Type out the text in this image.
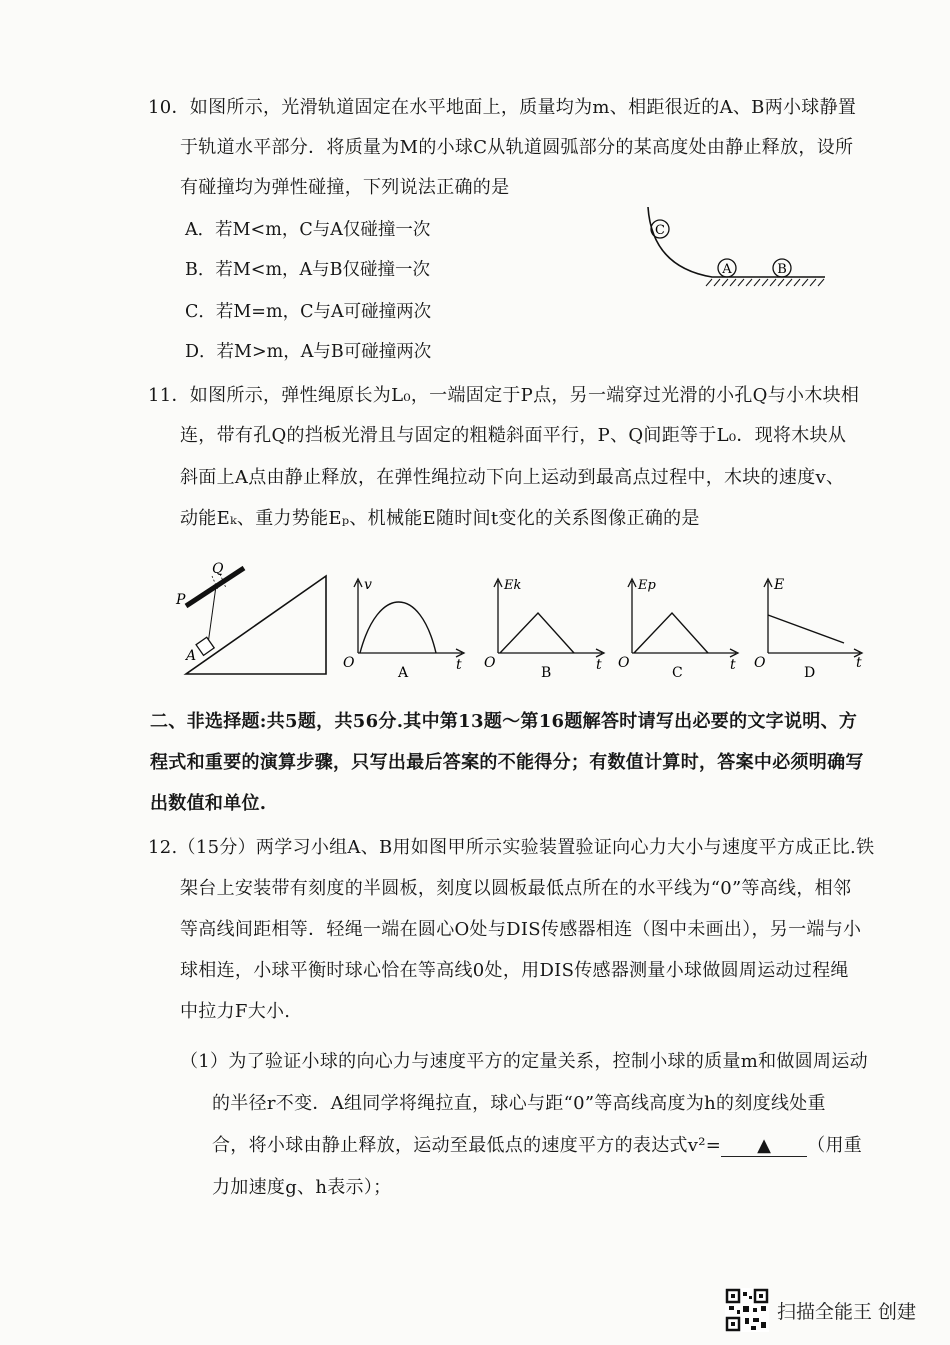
10．如图所示，光滑轨道固定在水平地面上，质量均为m、相距很近的A、B两小球静置
于轨道水平部分．将质量为M的小球C从轨道圆弧部分的某高度处由静止释放，设所
有碰撞均为弹性碰撞，下列说法正确的是
A．若M<m，C与A仅碰撞一次
B．若M<m，A与B仅碰撞一次
C．若M=m，C与A可碰撞两次
D．若M>m，A与B可碰撞两次
C
A	B
11．如图所示，弹性绳原长为L₀，一端固定于P点，另一端穿过光滑的小孔Q与小木块相
连，带有孔Q的挡板光滑且与固定的粗糙斜面平行，P、Q间距等于L₀．现将木块从
斜面上A点由静止释放，在弹性绳拉动下向上运动到最高点过程中，木块的速度v、
动能Eₖ、重力势能Eₚ、机械能E随时间t变化的关系图像正确的是
P
Q
A
v
t
O
A
Ek
t
O
B
Ep
t
O
C
E
t
O
D
二、非选择题:共5题，共56分.其中第13题～第16题解答时请写出必要的文字说明、方
程式和重要的演算步骤，只写出最后答案的不能得分；有数值计算时，答案中必须明确写
出数值和单位.
12.（15分）两学习小组A、B用如图甲所示实验装置验证向心力大小与速度平方成正比.铁
架台上安装带有刻度的半圆板，刻度以圆板最低点所在的水平线为“0”等高线，相邻
等高线间距相等．轻绳一端在圆心O处与DIS传感器相连（图中未画出），另一端与小
球相连，小球平衡时球心恰在等高线0处，用DIS传感器测量小球做圆周运动过程绳
中拉力F大小.
（1）为了验证小球的向心力与速度平方的定量关系，控制小球的质量m和做圆周运动
的半径r不变．A组同学将绳拉直，球心与距“0”等高线高度为h的刻度线处重
合，将小球由静止释放，运动至最低点的速度平方的表达式v²= ▲ （用重
力加速度g、h表示）；
扫描全能王 创建
